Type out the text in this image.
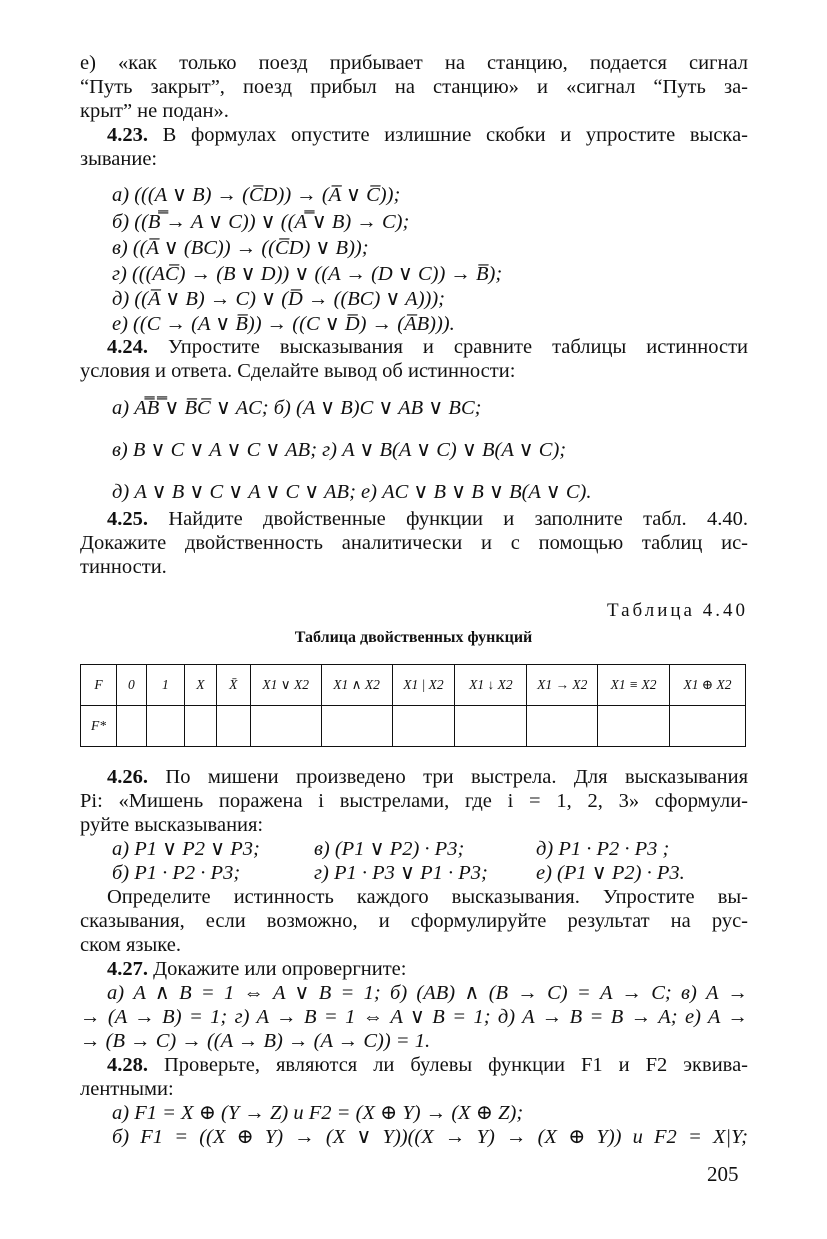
е) «как только поезд прибывает на станцию, подается сигнал
“Путь закрыт”, поезд прибыл на станцию» и «сигнал “Путь за-
крыт” не подан».
4.23. В формулах опустите излишние скобки и упростите выска-
зывание:
а) (((A ∨ B) → (C̅D)) → (A̅ ∨ C̅));
б) ((B̿ → A ∨ C)) ∨ ((A̿ ∨ B) → C);
в) ((A̅ ∨ (BC)) → ((C̅D) ∨ B));
г) (((AC̅) → (B ∨ D)) ∨ ((A → (D ∨ C)) → B̅);
д) ((A̅ ∨ B) → C) ∨ (D̅ → ((BC) ∨ A)));
е) ((C → (A ∨ B̅)) → ((C ∨ D̅) → (A̅B))).
4.24. Упростите высказывания и сравните таблицы истинности
условия и ответа. Сделайте вывод об истинности:
а) A̿B̿ ∨ B̅C̅ ∨ AC; б) (A ∨ B)C ∨ AB ∨ BC;
в) B ∨ C ∨ A ∨ C ∨ AB; г) A ∨ B(A ∨ C) ∨ B(A ∨ C);
д) A ∨ B ∨ C ∨ A ∨ C ∨ AB; е) AC ∨ B ∨ B ∨ B(A ∨ C).
4.25. Найдите двойственные функции и заполните табл. 4.40.
Докажите двойственность аналитически и с помощью таблиц ис-
тинности.
Таблица 4.40
Таблица двойственных функций
F	0	1	X	X̄	X1 ∨ X2	X1 ∧ X2	X1 | X2	X1 ↓ X2	X1 → X2	X1 ≡ X2	X1 ⊕ X2
F*											
4.26. По мишени произведено три выстрела. Для высказывания
Pi: «Мишень поражена i выстрелами, где i = 1, 2, 3» сформули-
руйте высказывания:
а) P1 ∨ P2 ∨ P3;	в) (P1 ∨ P2) · P3;	д) P1 · P2 · P3 ;
б) P1 · P2 · P3;	г) P1 · P3 ∨ P1 · P3; е) (P1 ∨ P2) · P3.
Определите истинность каждого высказывания. Упростите вы-
сказывания, если возможно, и сформулируйте результат на рус-
ском языке.
4.27. Докажите или опровергните:
а) A ∧ B = 1 ⇔ A ∨ B = 1; б) (AB) ∧ (B → C) = A → C; в) A →
→ (A → B) = 1; г) A → B = 1 ⇔ A ∨ B = 1; д) A → B = B → A; е) A →
→ (B → C) → ((A → B) → (A → C)) = 1.
4.28. Проверьте, являются ли булевы функции F1 и F2 эквива-
лентными:
а) F1 = X ⊕ (Y → Z) и F2 = (X ⊕ Y) → (X ⊕ Z);
б) F1 = ((X ⊕ Y) → (X ∨ Y))((X → Y) → (X ⊕ Y)) и F2 = X|Y;
205
